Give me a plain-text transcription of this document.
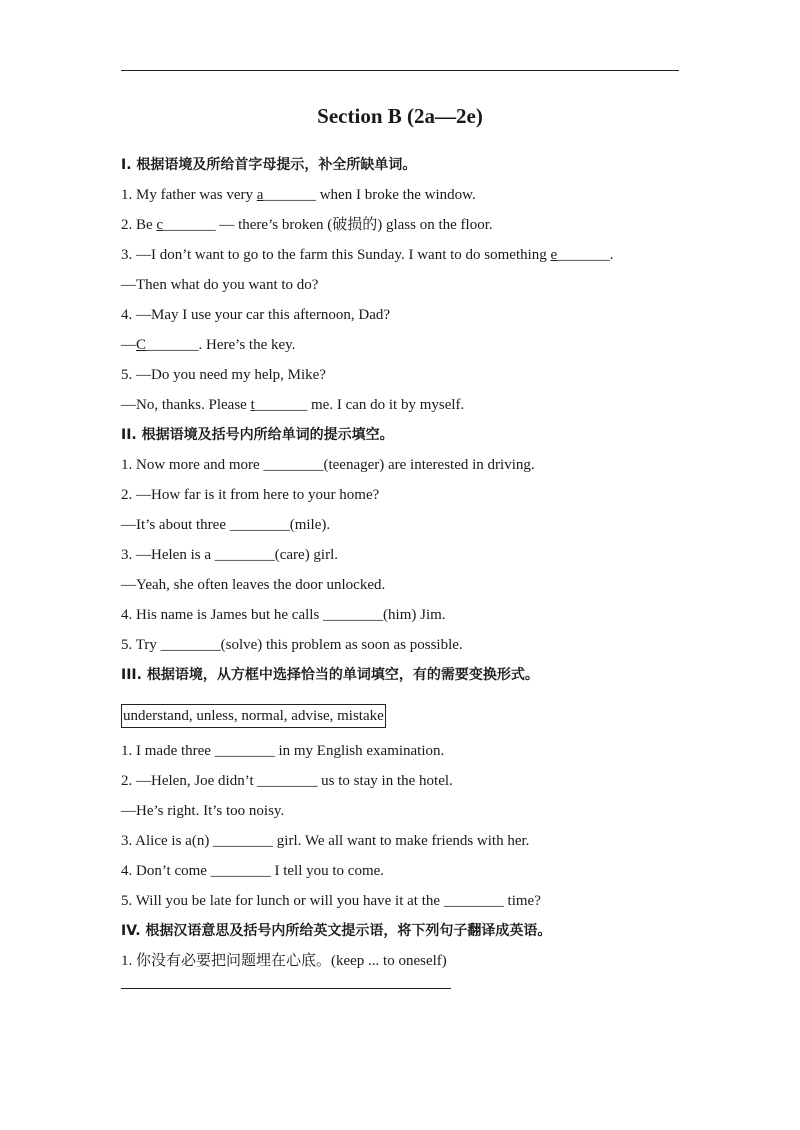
Section B (2a—2e)
I. 根据语境及所给首字母提示，补全所缺单词。
1. My father was very a_______ when I broke the window.
2. Be c_______ — there’s broken (破损的) glass on the floor.
3. —I don’t want to go to the farm this Sunday. I want to do something e_______.
—Then what do you want to do?
4. —May I use your car this afternoon, Dad?
—C_______. Here’s the key.
5. —Do you need my help, Mike?
—No, thanks. Please t_______ me. I can do it by myself.
II. 根据语境及括号内所给单词的提示填空。
1. Now more and more ________(teenager) are interested in driving.
2. —How far is it from here to your home?
—It’s about three ________(mile).
3. —Helen is a ________(care) girl.
—Yeah, she often leaves the door unlocked.
4. His name is James but he calls ________(him) Jim.
5. Try ________(solve) this problem as soon as possible.
III. 根据语境，从方框中选择恰当的单词填空，有的需要变换形式。
understand, unless, normal, advise, mistake
1. I made three ________ in my English examination.
2. —Helen, Joe didn’t ________ us to stay in the hotel.
—He’s right. It’s too noisy.
3. Alice is a(n) ________ girl. We all want to make friends with her.
4. Don’t come ________ I tell you to come.
5. Will you be late for lunch or will you have it at the ________ time?
IV. 根据汉语意思及括号内所给英文提示语，将下列句子翻译成英语。
1. 你没有必要把问题埋在心底。(keep ... to oneself)
